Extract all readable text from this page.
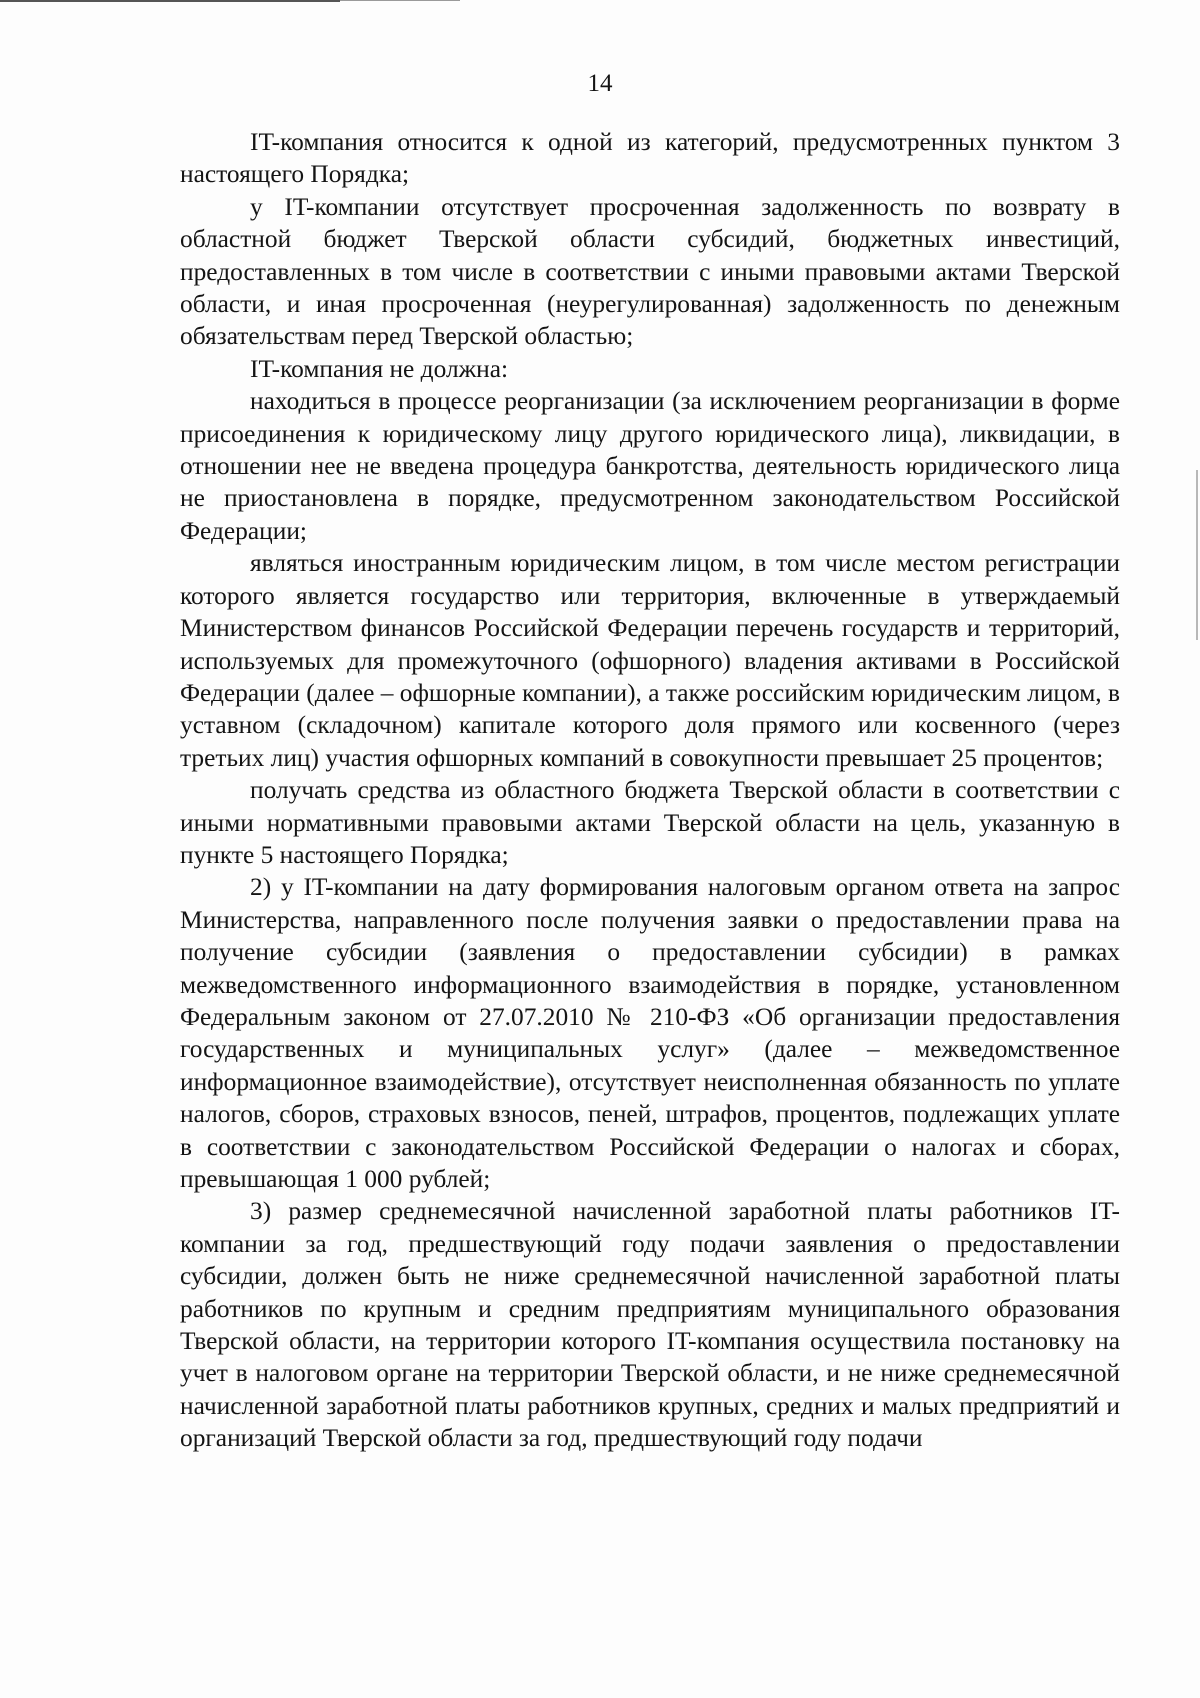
14

IT-компания относится к одной из категорий, предусмотренных пунктом 3 настоящего Порядка;

у IT-компании отсутствует просроченная задолженность по возврату в областной бюджет Тверской области субсидий, бюджетных инвестиций, предоставленных в том числе в соответствии с иными правовыми актами Тверской области, и иная просроченная (неурегулированная) задолженность по денежным обязательствам перед Тверской областью;

IT-компания не должна:

находиться в процессе реорганизации (за исключением реорганизации в форме присоединения к юридическому лицу другого юридического лица), ликвидации, в отношении нее не введена процедура банкротства, деятельность юридического лица не приостановлена в порядке, предусмотренном законодательством Российской Федерации;

являться иностранным юридическим лицом, в том числе местом регистрации которого является государство или территория, включенные в утверждаемый Министерством финансов Российской Федерации перечень государств и территорий, используемых для промежуточного (офшорного) владения активами в Российской Федерации (далее – офшорные компании), а также российским юридическим лицом, в уставном (складочном) капитале которого доля прямого или косвенного (через третьих лиц) участия офшорных компаний в совокупности превышает 25 процентов;

получать средства из областного бюджета Тверской области в соответствии с иными нормативными правовыми актами Тверской области на цель, указанную в пункте 5 настоящего Порядка;

2) у IT-компании на дату формирования налоговым органом ответа на запрос Министерства, направленного после получения заявки о предоставлении права на получение субсидии (заявления о предоставлении субсидии) в рамках межведомственного информационного взаимодействия в порядке, установленном Федеральным законом от 27.07.2010 № 210-ФЗ «Об организации предоставления государственных и муниципальных услуг» (далее – межведомственное информационное взаимодействие), отсутствует неисполненная обязанность по уплате налогов, сборов, страховых взносов, пеней, штрафов, процентов, подлежащих уплате в соответствии с законодательством Российской Федерации о налогах и сборах, превышающая 1 000 рублей;

3) размер среднемесячной начисленной заработной платы работников IT-компании за год, предшествующий году подачи заявления о предоставлении субсидии, должен быть не ниже среднемесячной начисленной заработной платы работников по крупным и средним предприятиям муниципального образования Тверской области, на территории которого IT-компания осуществила постановку на учет в налоговом органе на территории Тверской области, и не ниже среднемесячной начисленной заработной платы работников крупных, средних и малых предприятий и организаций Тверской области за год, предшествующий году подачи
